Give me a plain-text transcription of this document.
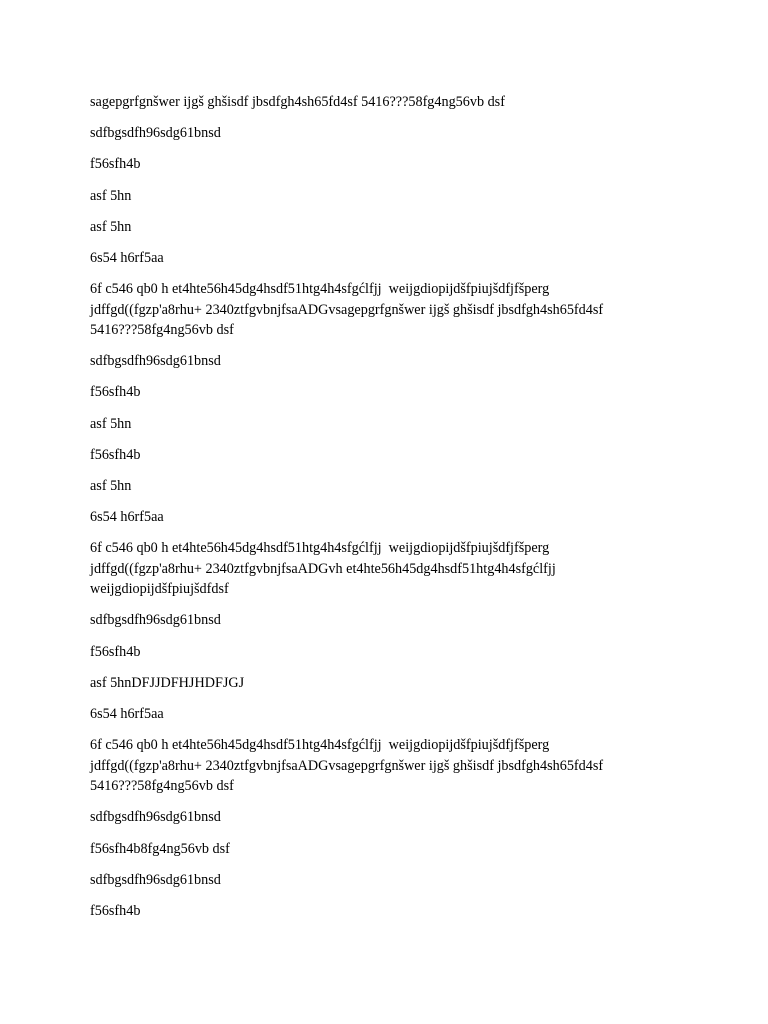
sagepgrfgnšwer ijgš ghšisdf jbsdfgh4sh65fd4sf 5416???58fg4ng56vb dsf

sdfbgsdfh96sdg61bnsd

f56sfh4b

asf 5hn

asf 5hn

6s54 h6rf5aa

6f c546 qb0 h et4hte56h45dg4hsdf51htg4h4sfgćlfjj  weijgdiopijdšfpiujšdfjfšperg
jdffgd((fgzp'a8rhu+ 2340ztfgvbnjfsaADGvsagepgrfgnšwer ijgš ghšisdf jbsdfgh4sh65fd4sf
5416???58fg4ng56vb dsf

sdfbgsdfh96sdg61bnsd

f56sfh4b

asf 5hn

f56sfh4b

asf 5hn

6s54 h6rf5aa

6f c546 qb0 h et4hte56h45dg4hsdf51htg4h4sfgćlfjj  weijgdiopijdšfpiujšdfjfšperg
jdffgd((fgzp'a8rhu+ 2340ztfgvbnjfsaADGvh et4hte56h45dg4hsdf51htg4h4sfgćlfjj
weijgdiopijdšfpiujšdfdsf

sdfbgsdfh96sdg61bnsd

f56sfh4b

asf 5hnDFJJDFHJHDFJGJ

6s54 h6rf5aa

6f c546 qb0 h et4hte56h45dg4hsdf51htg4h4sfgćlfjj  weijgdiopijdšfpiujšdfjfšperg
jdffgd((fgzp'a8rhu+ 2340ztfgvbnjfsaADGvsagepgrfgnšwer ijgš ghšisdf jbsdfgh4sh65fd4sf
5416???58fg4ng56vb dsf

sdfbgsdfh96sdg61bnsd

f56sfh4b8fg4ng56vb dsf

sdfbgsdfh96sdg61bnsd

f56sfh4b
